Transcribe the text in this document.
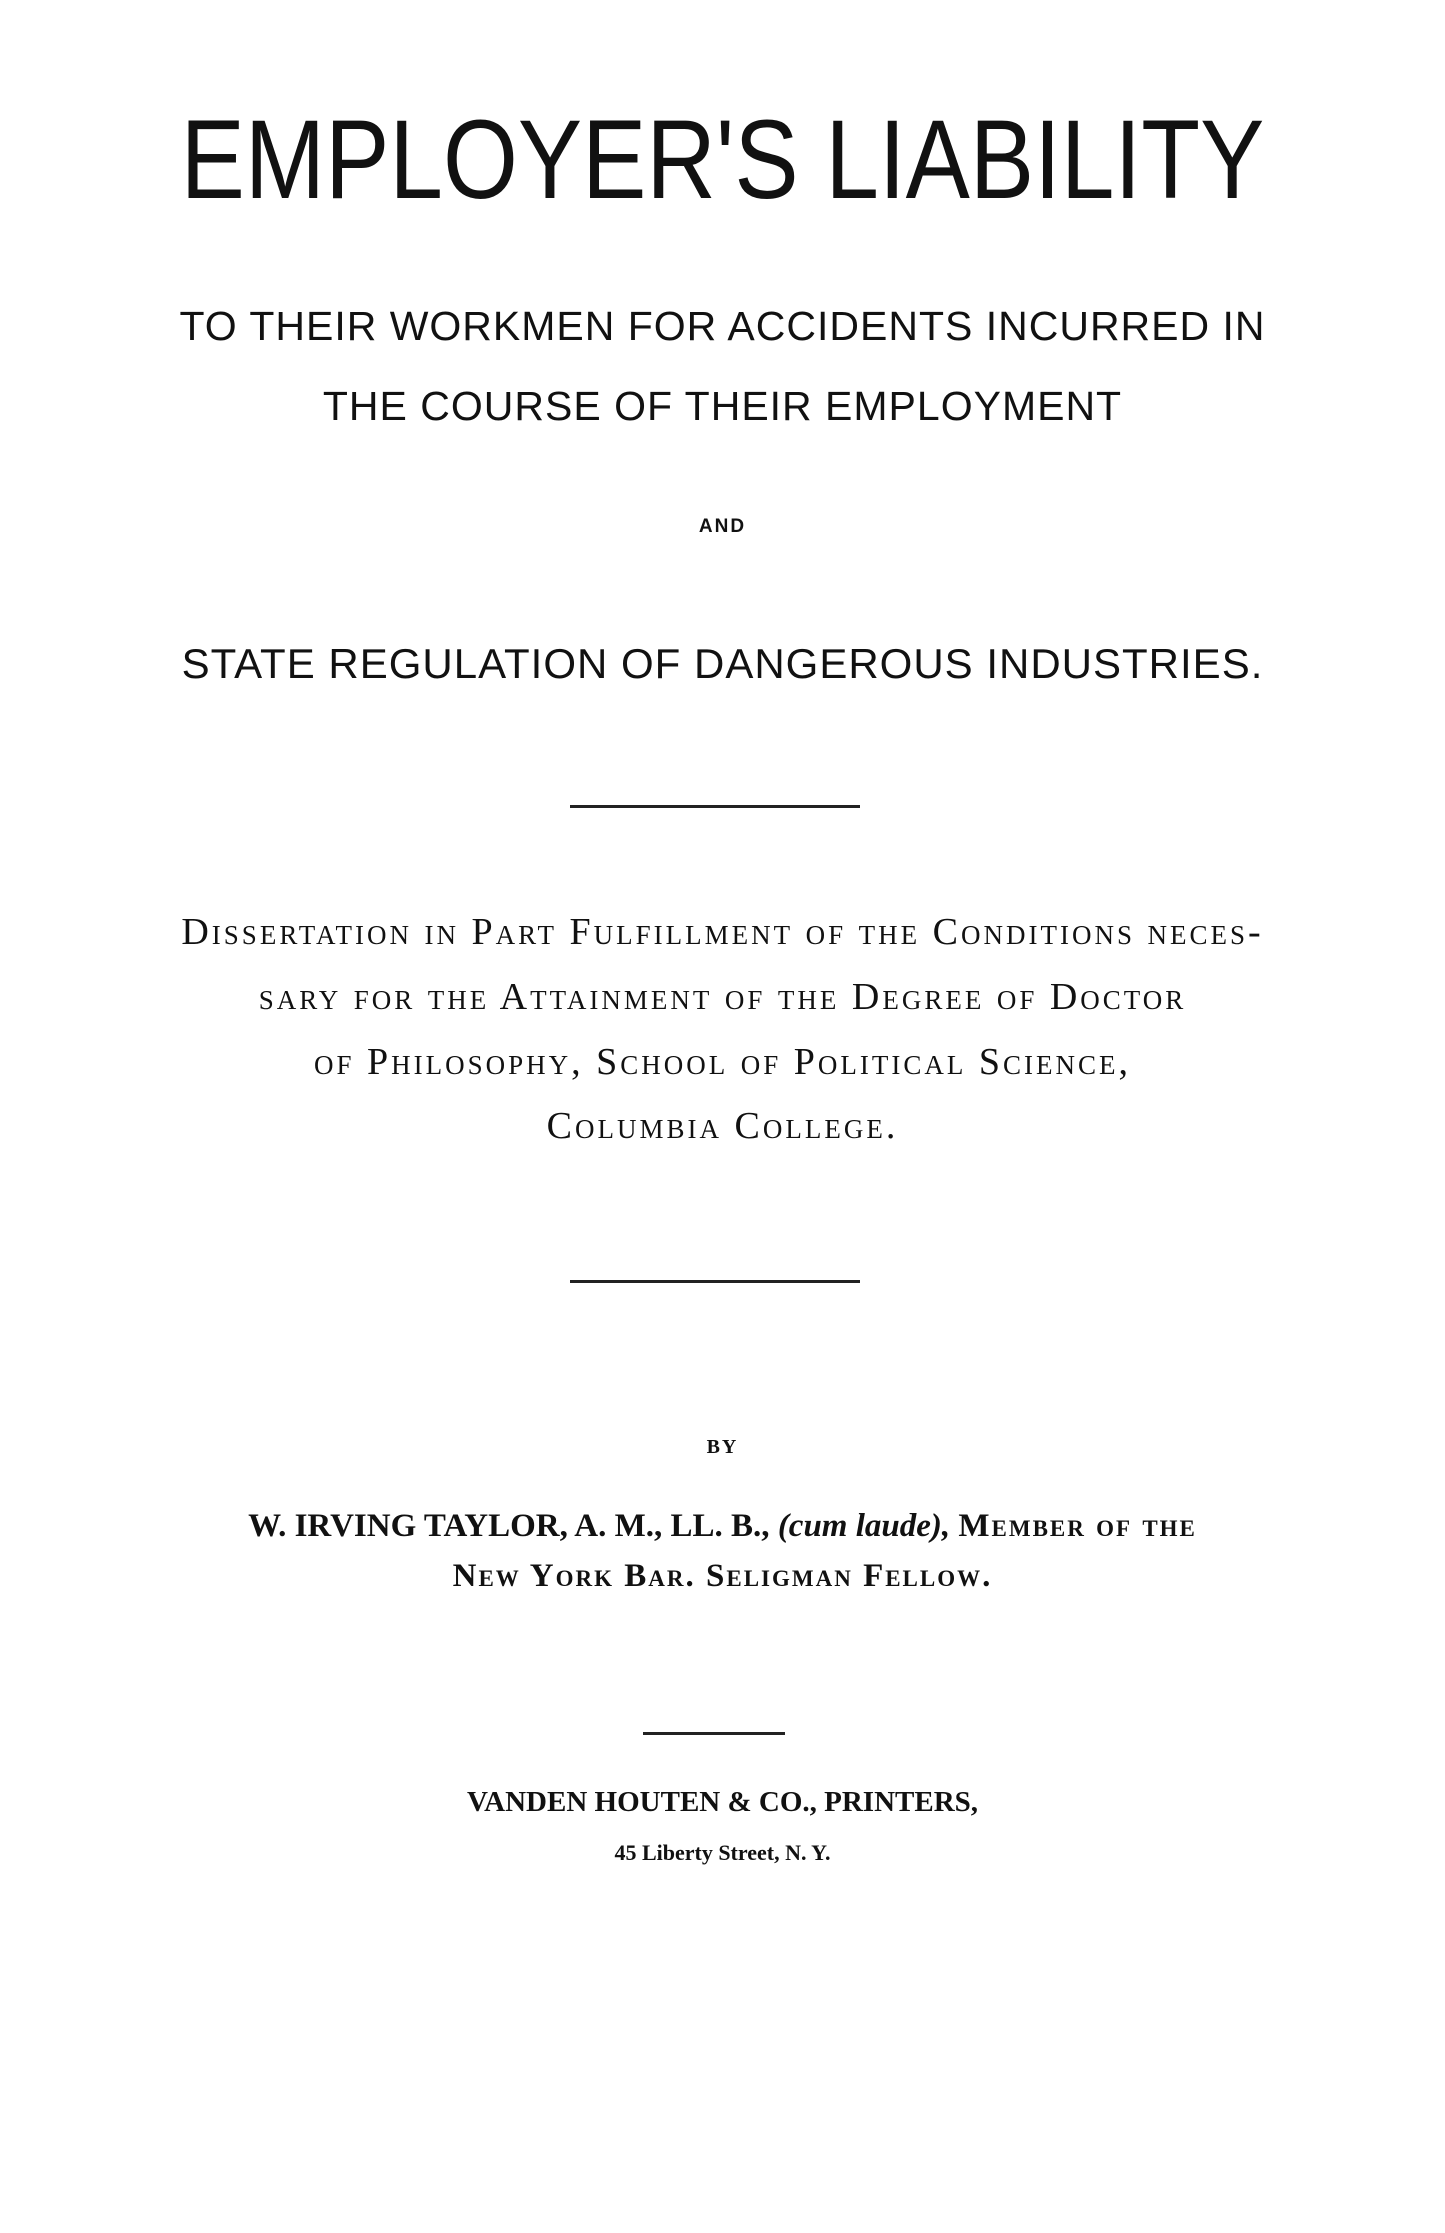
EMPLOYER'S LIABILITY
TO THEIR WORKMEN FOR ACCIDENTS INCURRED IN
THE COURSE OF THEIR EMPLOYMENT
AND
STATE REGULATION OF DANGEROUS INDUSTRIES.
Dissertation in Part Fulfillment of the Conditions neces-
sary for the Attainment of the Degree of Doctor
of Philosophy, School of Political Science,
Columbia College.
BY
W. IRVING TAYLOR, A. M., LL. B., (cum laude), Member of the
New York Bar. Seligman Fellow.
VANDEN HOUTEN & CO., PRINTERS,
45 Liberty Street, N. Y.
